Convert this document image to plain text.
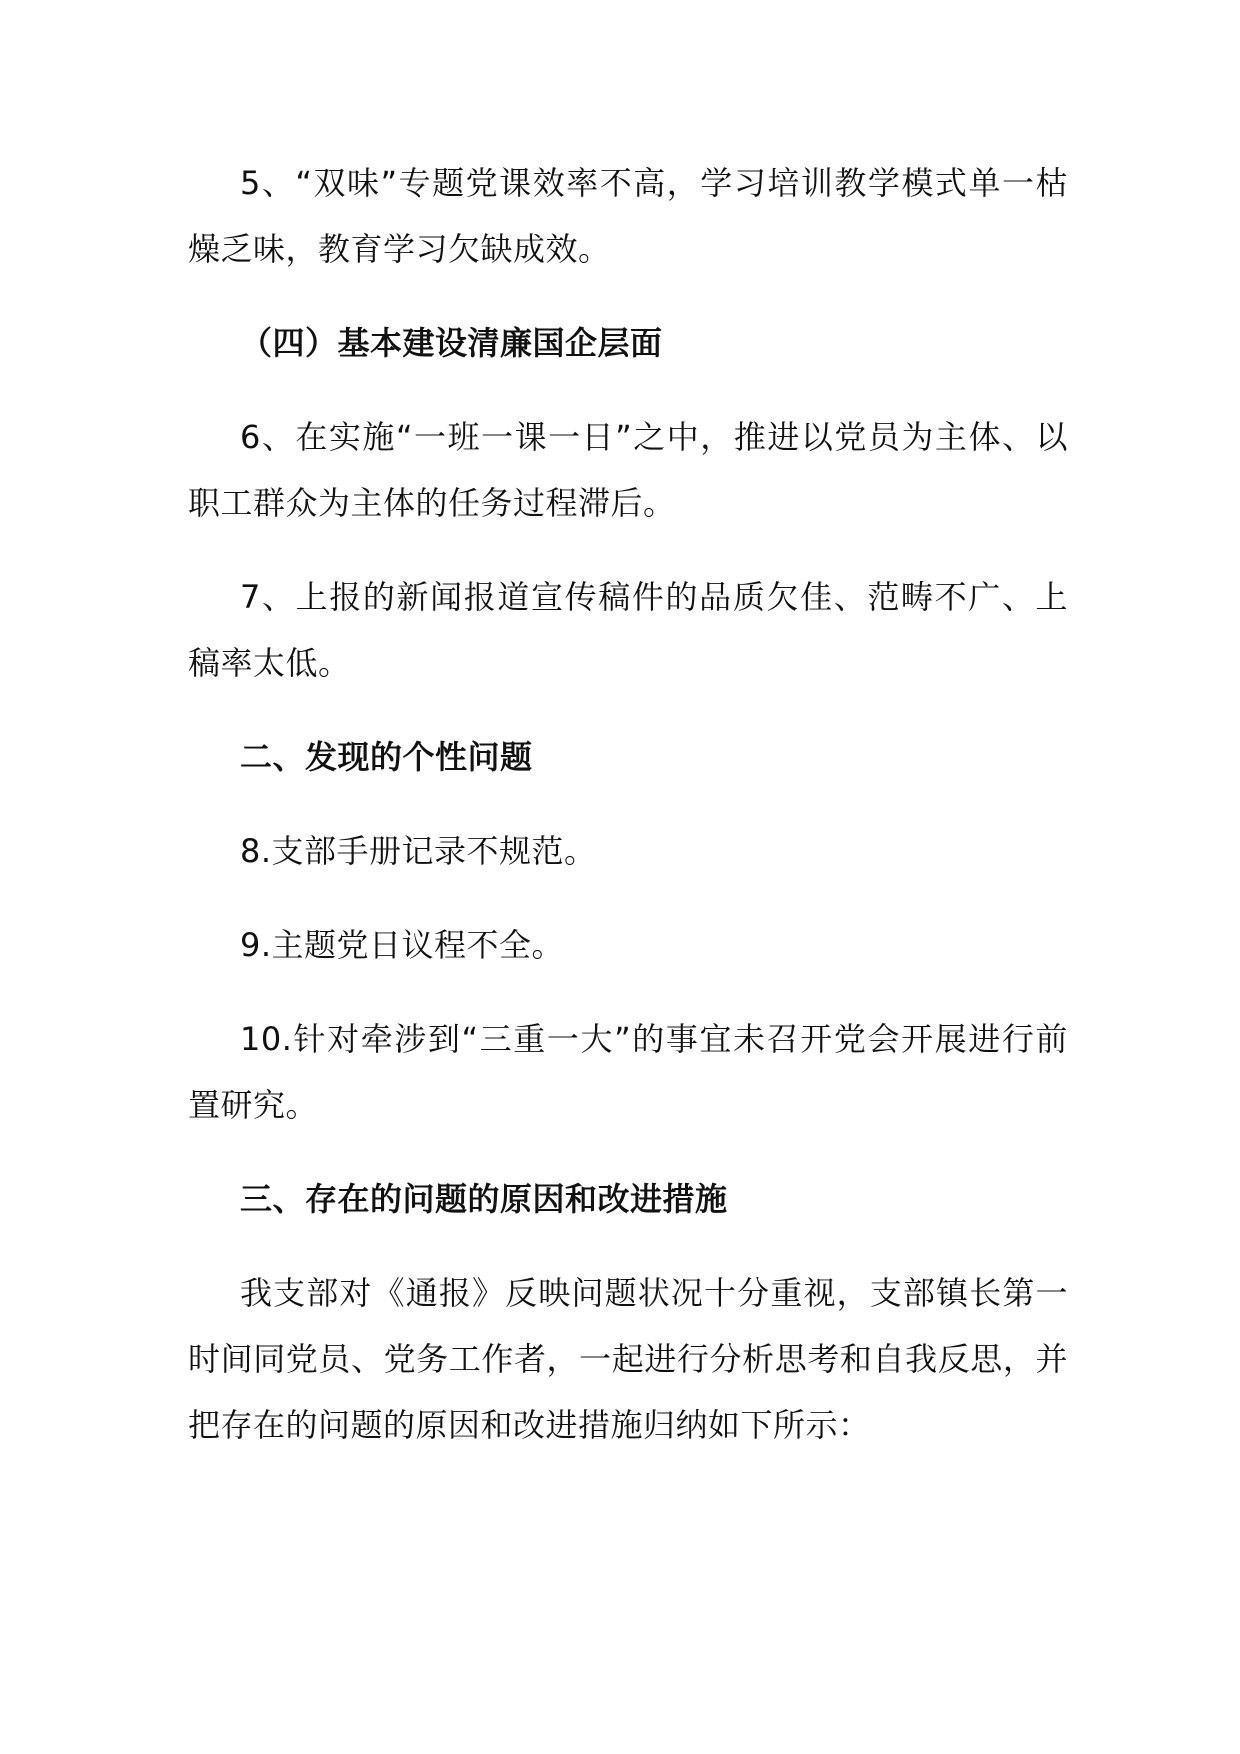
5、“双味”专题党课效率不高，学习培训教学模式单一枯燥乏味，教育学习欠缺成效。

（四）基本建设清廉国企层面

6、在实施“一班一课一日”之中，推进以党员为主体、以职工群众为主体的任务过程滞后。

7、上报的新闻报道宣传稿件的品质欠佳、范畴不广、上稿率太低。

二、发现的个性问题

8.支部手册记录不规范。

9.主题党日议程不全。

10.针对牵涉到“三重一大”的事宜未召开党会开展进行前置研究。

三、存在的问题的原因和改进措施

我支部对《通报》反映问题状况十分重视，支部镇长第一时间同党员、党务工作者，一起进行分析思考和自我反思，并把存在的问题的原因和改进措施归纳如下所示：
